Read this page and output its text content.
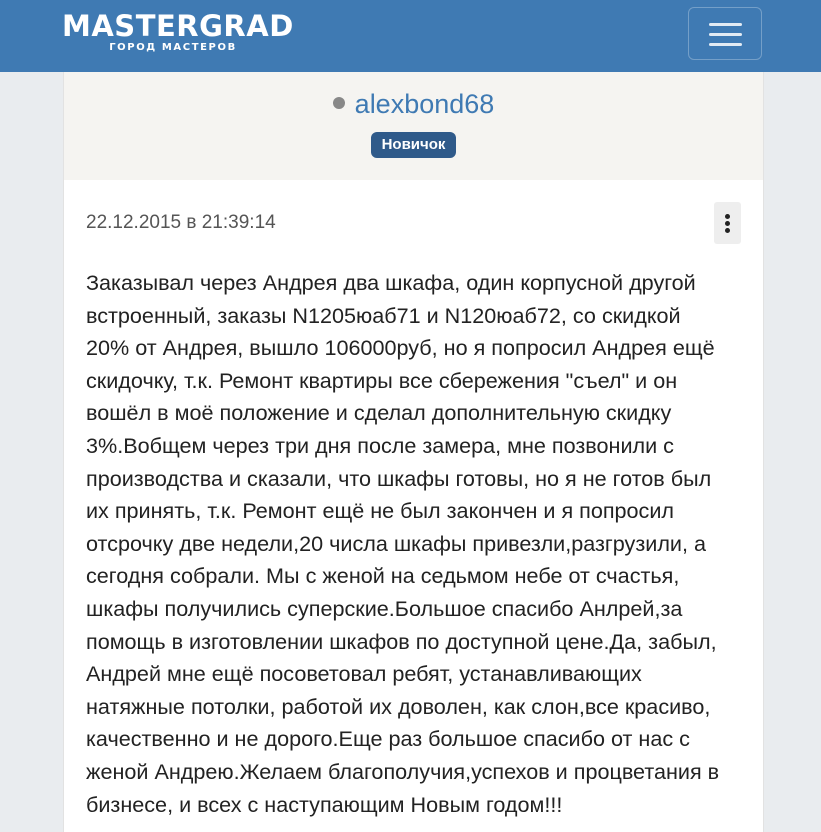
MASTERGRAD
ГОРОД МАСТЕРОВ
alexbond68
Новичок
22.12.2015 в 21:39:14
Заказывал через Андрея два шкафа, один корпусной другой
встроенный, заказы N1205юаб71 и N120юаб72, со скидкой
20% от Андрея, вышло 106000руб, но я попросил Андрея ещё
скидочку, т.к. Ремонт квартиры все сбережения "съел" и он
вошёл в моё положение и сделал дополнительную скидку
3%.Вобщем через три дня после замера, мне позвонили с
производства и сказали, что шкафы готовы, но я не готов был
их принять, т.к. Ремонт ещё не был закончен и я попросил
отсрочку две недели,20 числа шкафы привезли,разгрузили, а
сегодня собрали. Мы с женой на седьмом небе от счастья,
шкафы получились суперские.Большое спасибо Анлрей,за
помощь в изготовлении шкафов по доступной цене.Да, забыл,
Андрей мне ещё посоветовал ребят, устанавливающих
натяжные потолки, работой их доволен, как слон,все красиво,
качественно и не дорого.Еще раз большое спасибо от нас с
женой Андрею.Желаем благополучия,успехов и процветания в
бизнесе, и всех с наступающим Новым годом!!!
